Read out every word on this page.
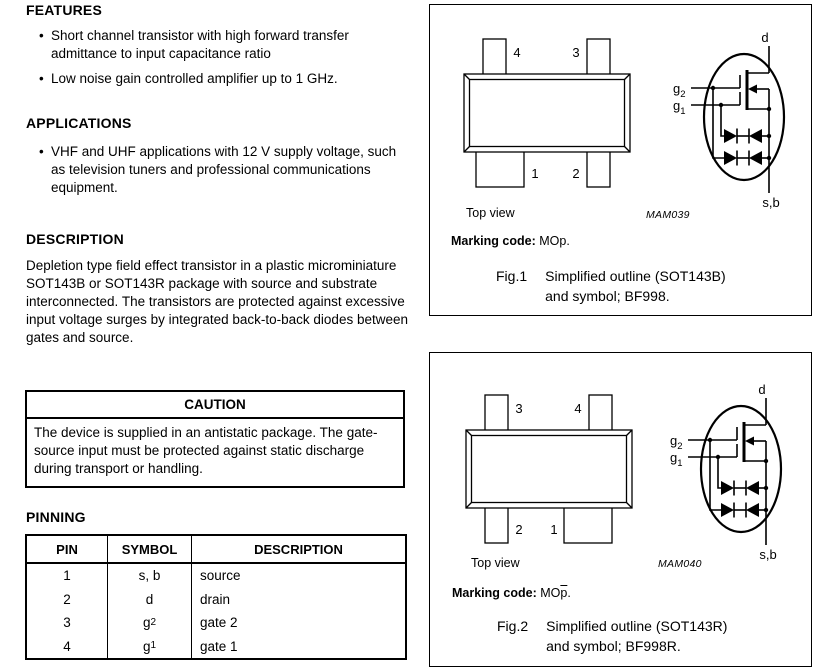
FEATURES
• Short channel transistor with high forward transfer admittance to input capacitance ratio
• Low noise gain controlled amplifier up to 1 GHz.
APPLICATIONS
• VHF and UHF applications with 12 V supply voltage, such as television tuners and professional communications equipment.
DESCRIPTION
Depletion type field effect transistor in a plastic microminiature SOT143B or SOT143R package with source and substrate interconnected. The transistors are protected against excessive input voltage surges by integrated back-to-back diodes between gates and source.
CAUTION
The device is supplied in an antistatic package. The gate-source input must be protected against static discharge during transport or handling.
PINNING
PIN	SYMBOL	DESCRIPTION
1	s, b	source
2	d	drain
3	g 2	gate 2
4	g 1	gate 1
4	3
1	2
d
$g_2$
$g_1$
s,b
Top view	MAM039
Marking code: MOp.
Fig.1 Simplified outline (SOT143B)
and symbol; BF998.
3	4
2 1
d
$g_2$
$g_1$
s,b
Top view	MAM040
Marking code: $MO\overline{p}$.
Fig.2 Simplified outline (SOT143R)
and symbol; BF998R.
